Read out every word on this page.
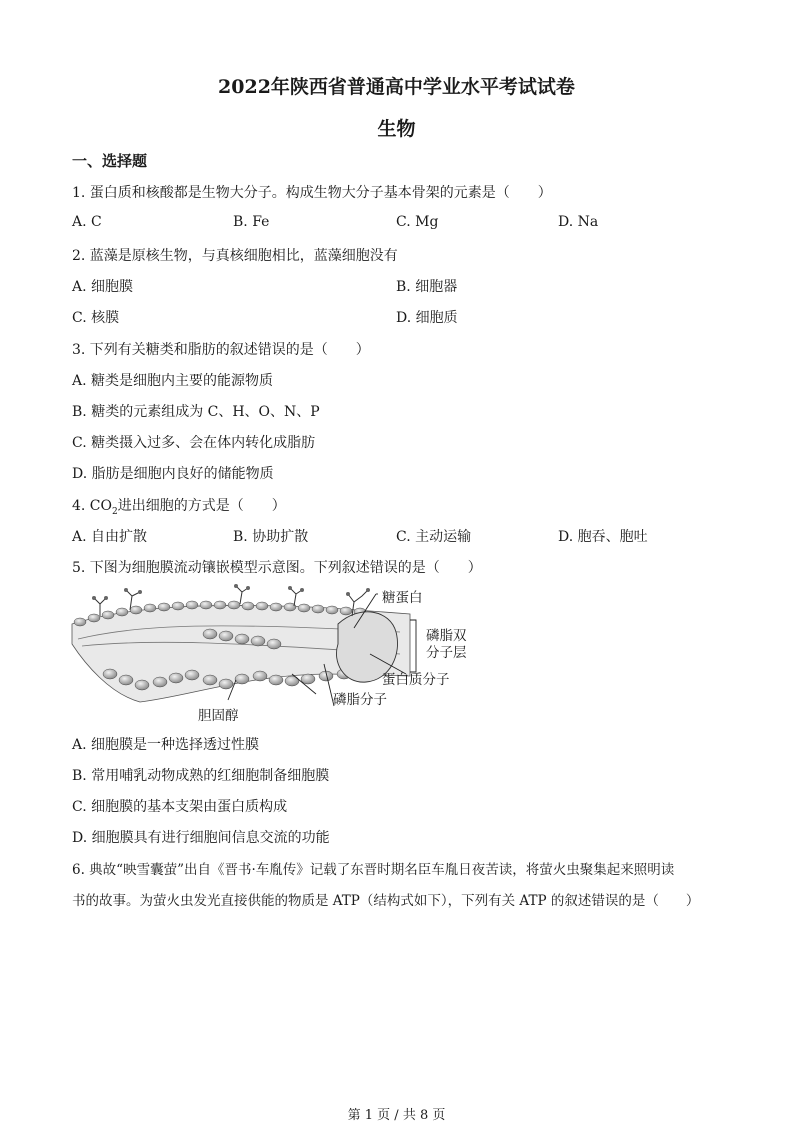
2022年陕西省普通高中学业水平考试试卷
生物
一、选择题
1. 蛋白质和核酸都是生物大分子。构成生物大分子基本骨架的元素是（　　）
A. C	B. Fe	C. Mg	D. Na
2. 蓝藻是原核生物，与真核细胞相比，蓝藻细胞没有
A. 细胞膜	B. 细胞器
C. 核膜	D. 细胞质
3. 下列有关糖类和脂肪的叙述错误的是（　　）
A. 糖类是细胞内主要的能源物质
B. 糖类的元素组成为 C、H、O、N、P
C. 糖类摄入过多、会在体内转化成脂肪
D. 脂肪是细胞内良好的储能物质
4. $CO_2$进出细胞的方式是（　　）
A. 自由扩散	B. 协助扩散	C. 主动运输	D. 胞吞、胞吐
5. 下图为细胞膜流动镶嵌模型示意图。下列叙述错误的是（　　）
糖蛋白
磷脂双
分子层
蛋白质分子
磷脂分子
胆固醇
A. 细胞膜是一种选择透过性膜
B. 常用哺乳动物成熟的红细胞制备细胞膜
C. 细胞膜的基本支架由蛋白质构成
D. 细胞膜具有进行细胞间信息交流的功能
6. 典故“映雪囊萤”出自《晋书·车胤传》记载了东晋时期名臣车胤日夜苦读，将萤火虫聚集起来照明读
书的故事。为萤火虫发光直接供能的物质是 ATP（结构式如下），下列有关 ATP 的叙述错误的是（　　）
第 1 页 / 共 8 页
